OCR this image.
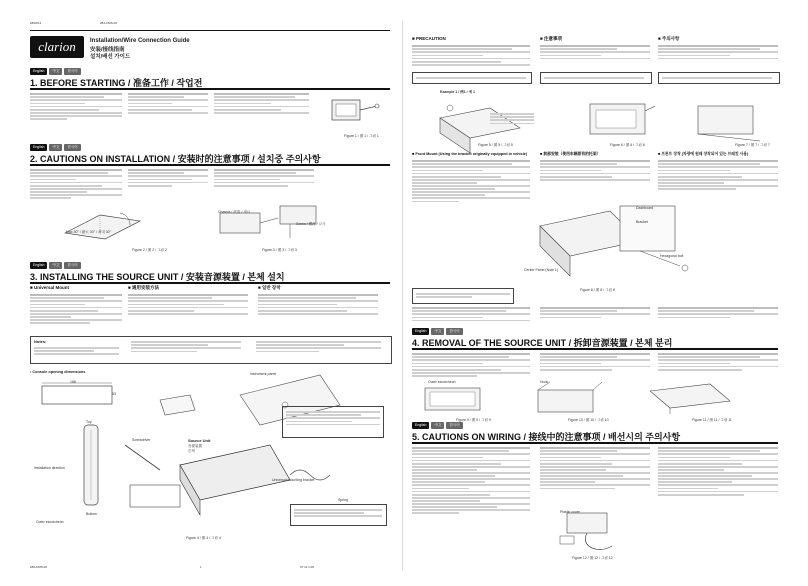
280W13	284-1505-00
clarion	Installation/Wire Connection Guide
安装/接线指南
설치/배선 가이드
English	中文	한국어
1. BEFORE STARTING / 准备工作 / 작업전
Figure 1 / 图 1 / 그림 1
English	中文	한국어
2. CAUTIONS ON INSTALLATION / 安装时的注意事项 / 설치중 주의사항
Max 30° / 最大 30° / 최대 30°
Figure 2 / 图 2 / 그림 2
Chassis / 底盘 / 섀시
Screw / 螺丝 / 나사
Figure 3 / 图 3 / 그림 3
English	中文	한국어
3. INSTALLING THE SOURCE UNIT / 安装音源装置 / 본체 설치
■ Universal Mount	■ 通用安装方法	■ 일반 장착
Notes:
• Console opening dimensions
188
53
Top
Installation direction
Bottom
Outer escutcheon
Instrument panel
Screwdriver	Source Unit
音源装置
본체
Universal mounting bracket
Spring
Figure 4 / 图 4 / 그림 4
■ PRECAUTION	■ 注意事项	■ 주의사항
Example 1 / 例1 / 예 1
Figure 5 / 图 5 / 그림 5	Figure 6 / 图 6 / 그림 6	Figure 7 / 图 7 / 그림 7
■ Front Mount (Using the bracket originally equipped in vehicle)	■ 前部安装（使用车辆原有的托架）	■ 프론트 장착 (차량에 원래 장착되어 있는 브래킷 사용)
Dashboard
Bracket
Hexagonal bolt
Center Panel (Note 1)
Figure 8 / 图 8 / 그림 8
English	中文	한국어
4. REMOVAL OF THE SOURCE UNIT / 拆卸音源装置 / 본체 분리
Outer escutcheon
Figure 9 / 图 9 / 그림 9
Hook
Figure 10 / 图 10 / 그림 10	Figure 11 / 图 11 / 그림 11
English	中文	한국어
5. CAUTIONS ON WIRING / 接线中的注意事项 / 배선시의 주의사항
Plastic cover
Figure 12 / 图 12 / 그림 12
280-1505-00	1	07.11.1.06
